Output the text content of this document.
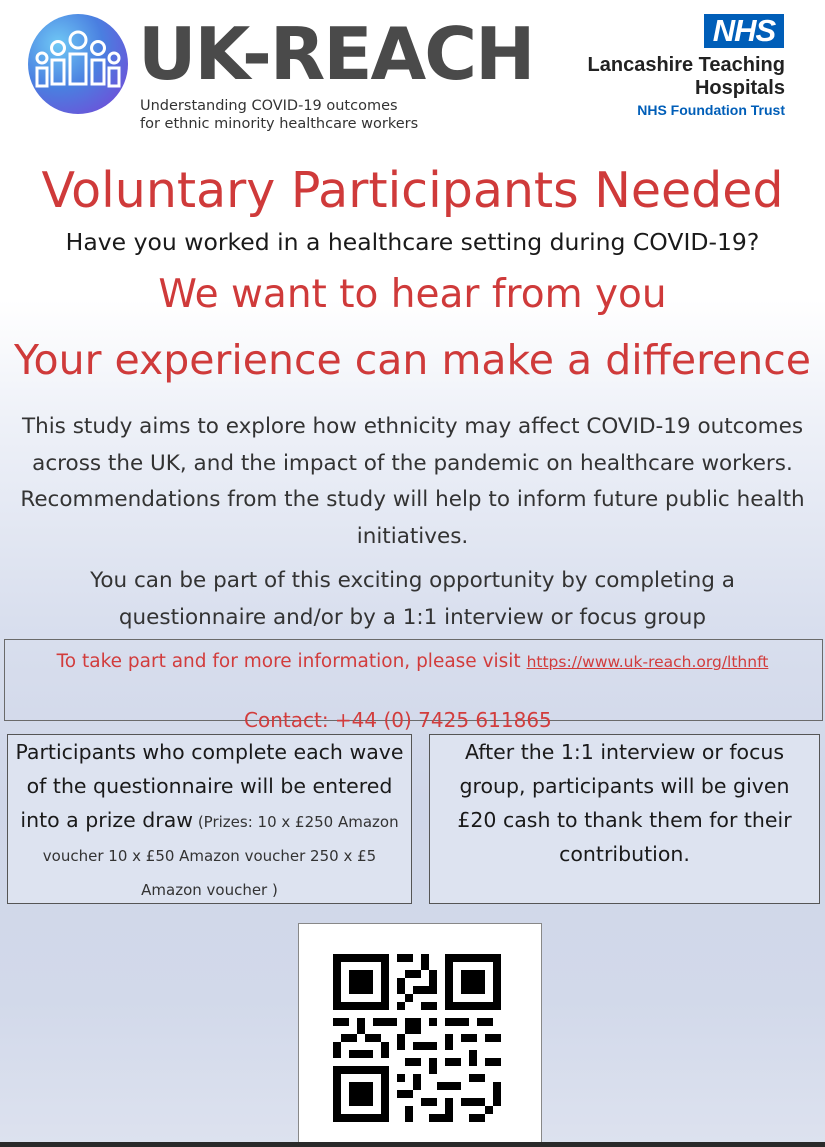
UK-REACH
Understanding COVID-19 outcomes
for ethnic minority healthcare workers
NHS
Lancashire Teaching
Hospitals
NHS Foundation Trust
Voluntary Participants Needed
Have you worked in a healthcare setting during COVID-19?
We want to hear from you
Your experience can make a difference
This study aims to explore how ethnicity may affect COVID-19 outcomes across the UK, and the impact of the pandemic on healthcare workers. Recommendations from the study will help to inform future public health initiatives.
You can be part of this exciting opportunity by completing a questionnaire and/or by a 1:1 interview or focus group
To take part and for more information, please visit https://www.uk-reach.org/lthnft
Contact: +44 (0) 7425 611865
Participants who complete each wave of the questionnaire will be entered into a prize draw (Prizes: 10 x £250 Amazon voucher 10 x £50 Amazon voucher 250 x £5 Amazon voucher )
After the 1:1 interview or focus group, participants will be given £20 cash to thank them for their contribution.
